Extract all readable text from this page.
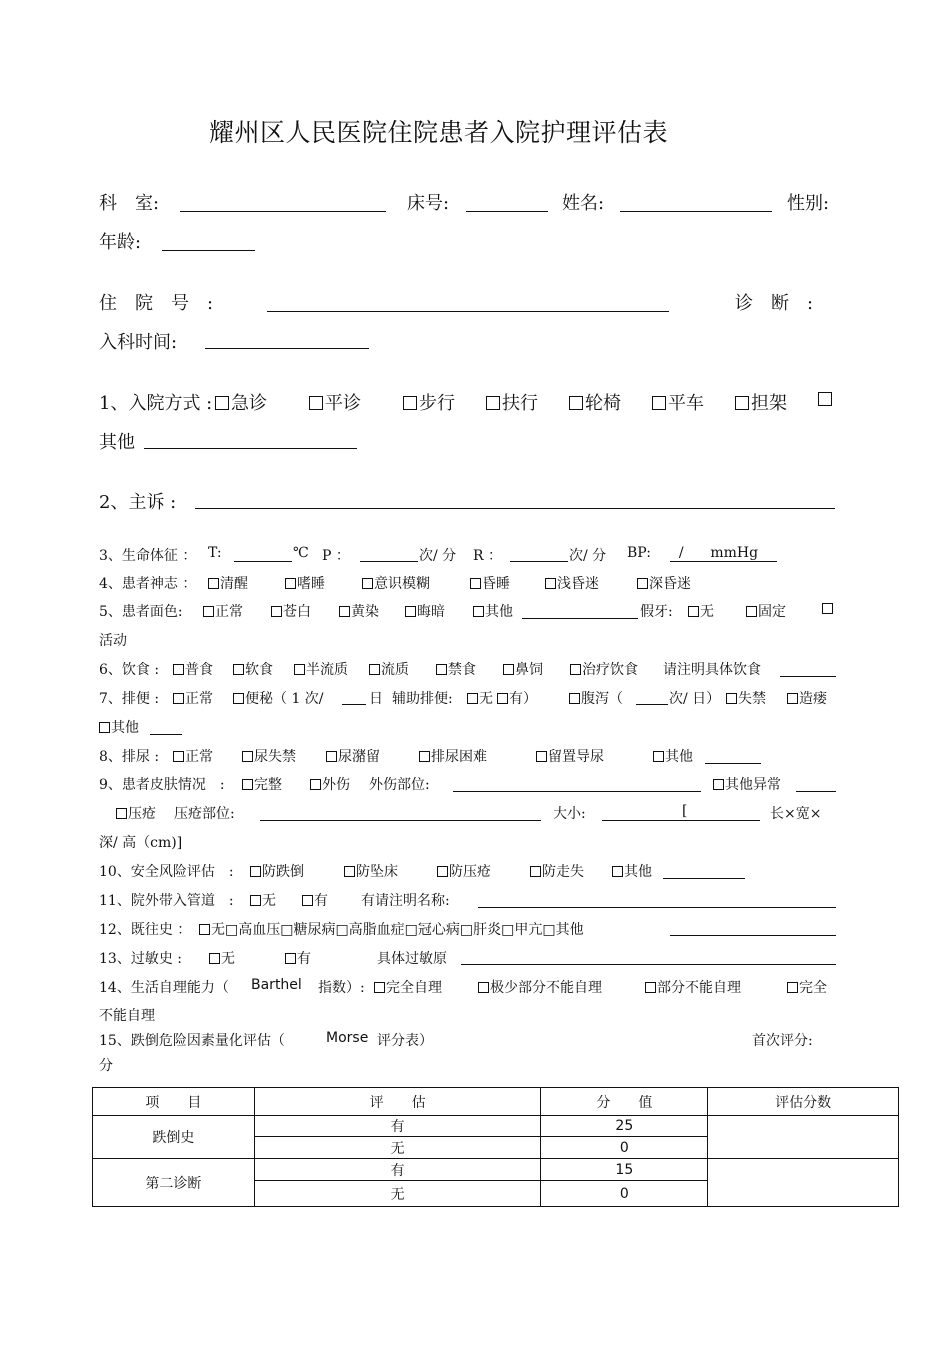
耀州区人民医院住院患者入院护理评估表
科　室:	床号:	姓名:	性别:
年龄:
住　院　号　:	诊　断　:
入科时间:
1、入院方式 :	急诊	平诊	步行	扶行	轮椅	平车	担架
其他
2、主诉 :
3、生命体征 ： T:	℃ P ：	次/ 分 R ：	次/ 分 BP: /      mmHg
4、患者神志 ：	清醒	嗜睡	意识模糊	昏睡	浅昏迷	深昏迷
5、患者面色:	正常	苍白	黄染	晦暗	其他	假牙:	无	固定
活动
6、饮食 :	普食	软食	半流质	流质	禁食	鼻饲	治疗饮食 请注明具体饮食
7、排便 :	正常	便秘（ 1 次/	日 辅助排便:	无	有）	腹泻（	次/ 日）	失禁	造瘘
其他
8、排尿 :	正常	尿失禁	尿潴留	排尿困难	留置导尿	其他
9、患者皮肤情况　:	完整	外伤 外伤部位:	其他异常
压疮 压疮部位:	大小:	[	长×宽×
深/ 高（cm)]
10、安全风险评估　:	防跌倒	防坠床	防压疮	防走失	其他
11、院外带入管道　:	无	有 有请注明名称:
12、既往史 ：	无□高血压□糖尿病□高脂血症□冠心病□肝炎□甲亢□其他
13、过敏史 :	无	有	具体过敏原
14、生活自理能力（ Barthel 指数）:	完全自理	极少部分不能自理	部分不能自理	完全
不能自理
15、跌倒危险因素量化评估（	Morse 评分表）	首次评分:
分
项　　目	评　　估	分　　值	评估分数
跌倒史	有	25	
	无	0	
第二诊断	有	15	
	无	0	
